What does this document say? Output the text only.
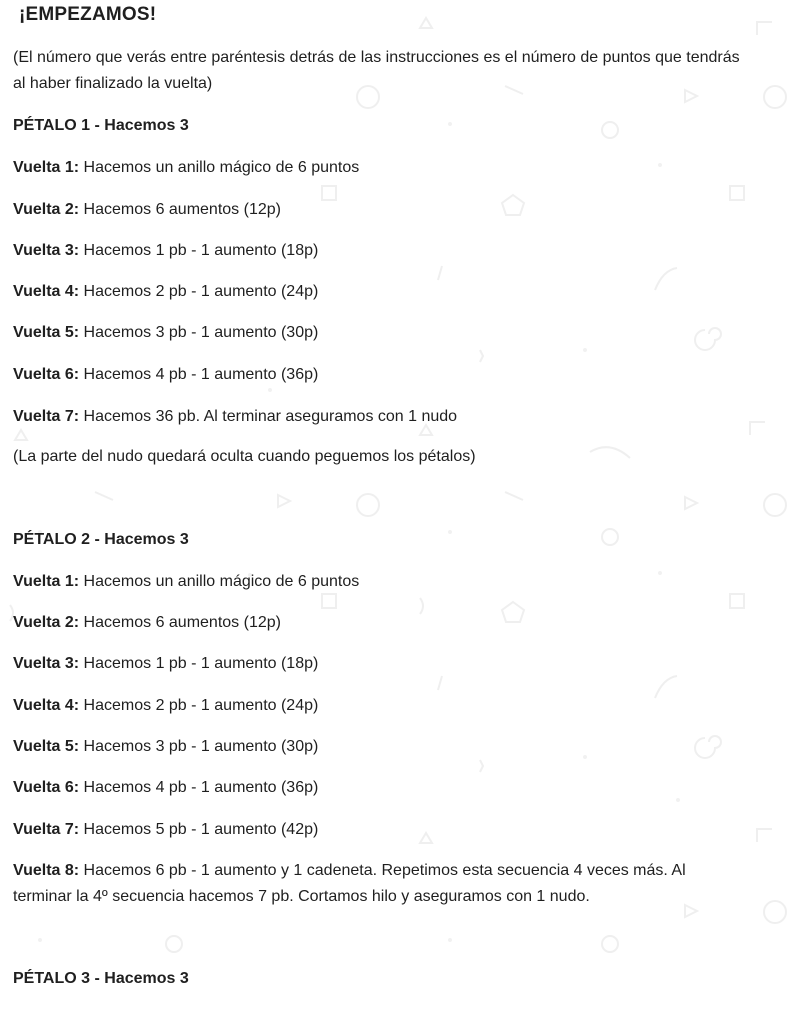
¡EMPEZAMOS!
(El número que verás entre paréntesis detrás de las instrucciones es el número de puntos que tendrás al haber finalizado la vuelta)
PÉTALO 1 - Hacemos 3
Vuelta 1: Hacemos un anillo mágico de 6 puntos
Vuelta 2: Hacemos 6 aumentos (12p)
Vuelta 3: Hacemos 1 pb - 1 aumento (18p)
Vuelta 4: Hacemos 2 pb - 1 aumento (24p)
Vuelta 5: Hacemos 3 pb - 1 aumento (30p)
Vuelta 6: Hacemos 4 pb - 1 aumento (36p)
Vuelta 7: Hacemos 36 pb. Al terminar aseguramos con 1 nudo
(La parte del nudo quedará oculta cuando peguemos los pétalos)
PÉTALO 2 - Hacemos 3
Vuelta 1: Hacemos un anillo mágico de 6 puntos
Vuelta 2: Hacemos 6 aumentos (12p)
Vuelta 3: Hacemos 1 pb - 1 aumento (18p)
Vuelta 4: Hacemos 2 pb - 1 aumento (24p)
Vuelta 5: Hacemos 3 pb - 1 aumento (30p)
Vuelta 6: Hacemos 4 pb - 1 aumento (36p)
Vuelta 7: Hacemos 5 pb - 1 aumento (42p)
Vuelta 8: Hacemos 6 pb - 1 aumento y 1 cadeneta. Repetimos esta secuencia 4 veces más. Al terminar la 4º secuencia hacemos 7 pb. Cortamos hilo y aseguramos con 1 nudo.
PÉTALO 3 - Hacemos 3
